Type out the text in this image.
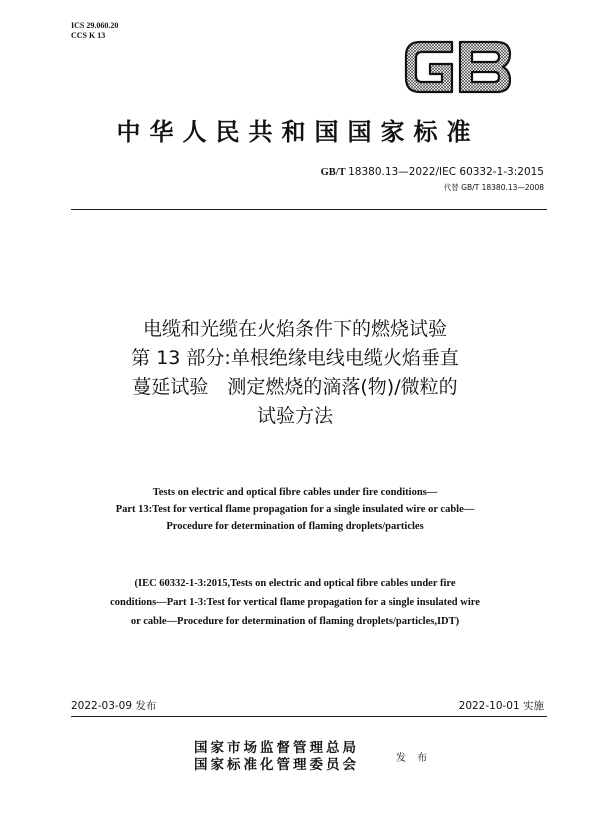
ICS 29.060.20
CCS K 13
中华人民共和国国家标准
GB/T 18380.13—2022/IEC 60332-1-3:2015
代替 GB/T 18380.13—2008
电缆和光缆在火焰条件下的燃烧试验
第 13 部分:单根绝缘电线电缆火焰垂直
蔓延试验　测定燃烧的滴落(物)/微粒的
试验方法
Tests on electric and optical fibre cables under fire conditions—
Part 13:Test for vertical flame propagation for a single insulated wire or cable—
Procedure for determination of flaming droplets/particles
(IEC 60332-1-3:2015,Tests on electric and optical fibre cables under fire
conditions—Part 1-3:Test for vertical flame propagation for a single insulated wire
or cable—Procedure for determination of flaming droplets/particles,IDT)
2022-03-09 发布	2022-10-01 实施
国家市场监督管理总局
国家标准化管理委员会	发 布
